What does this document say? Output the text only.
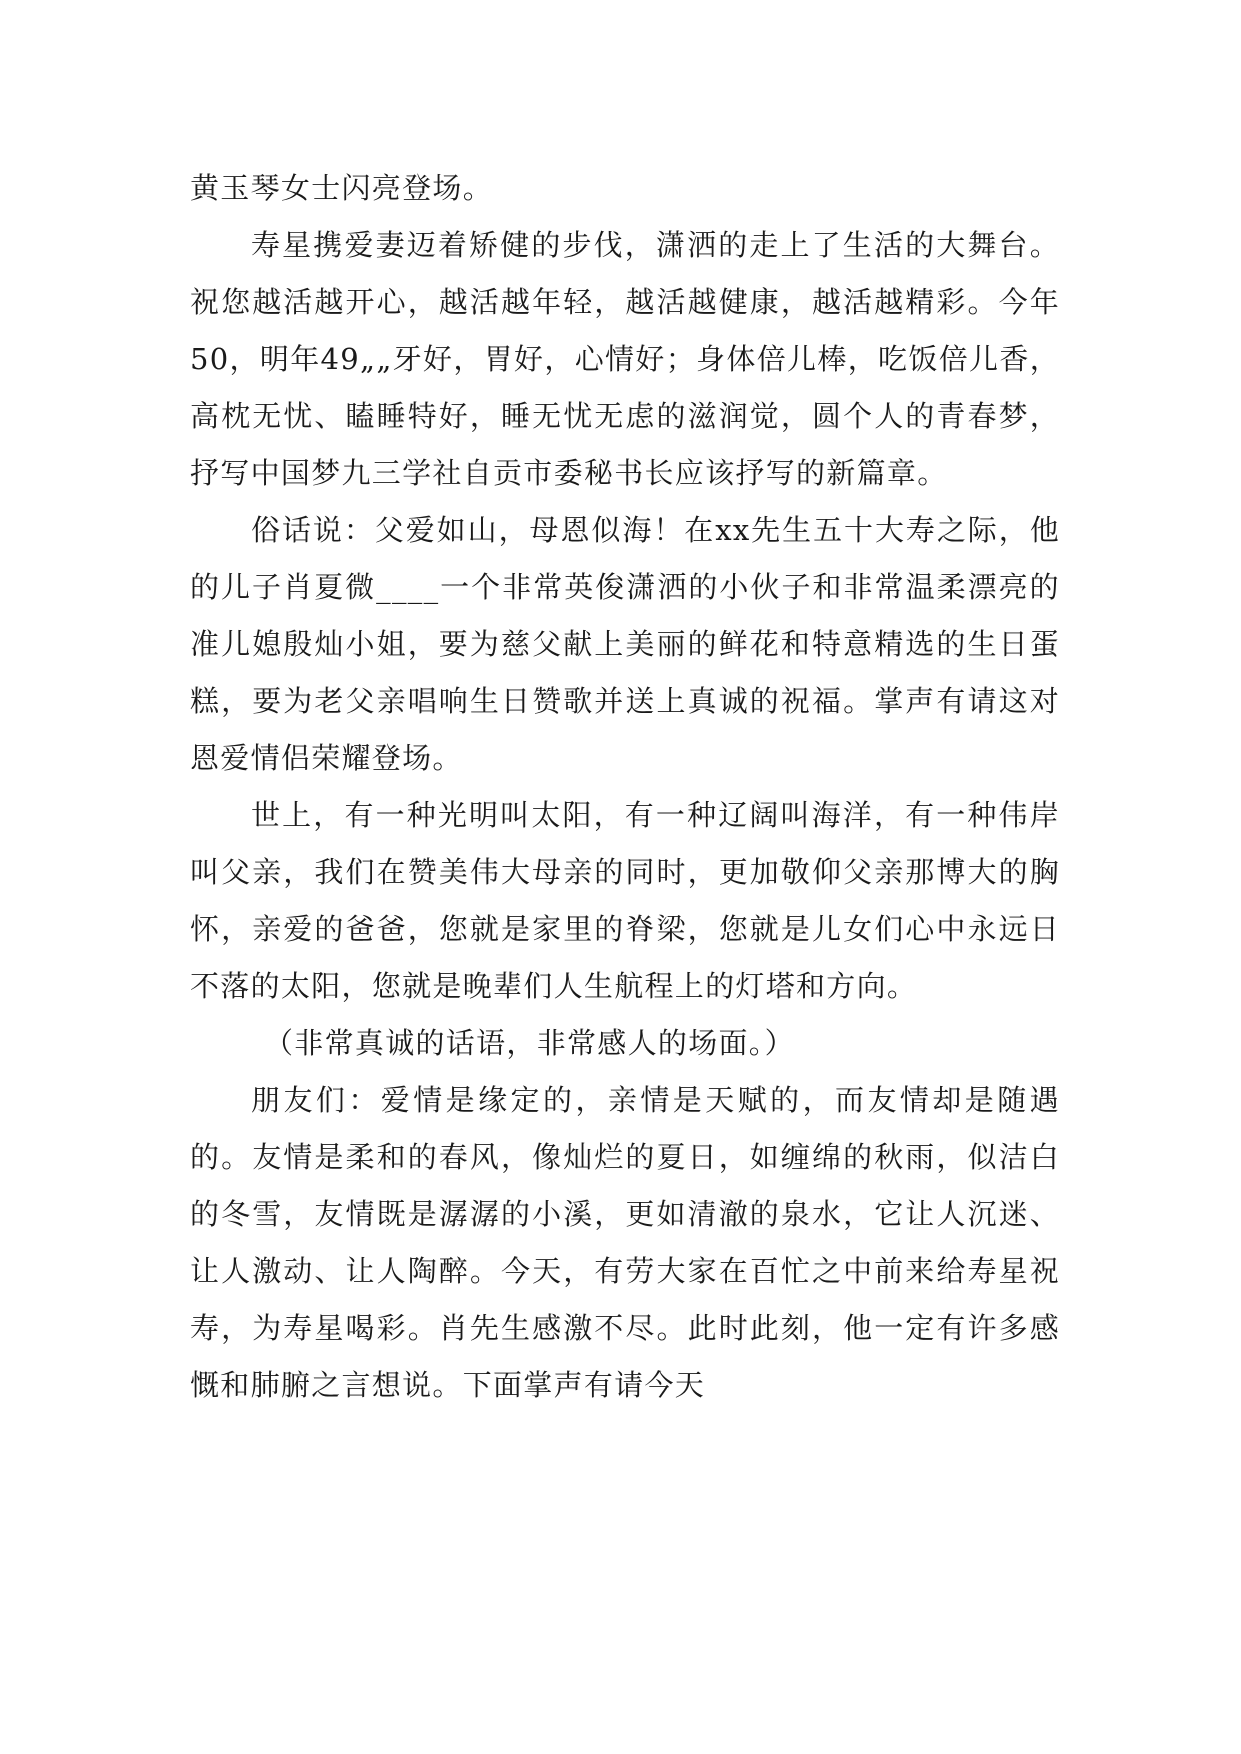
黄玉琴女士闪亮登场。

寿星携爱妻迈着矫健的步伐，潇洒的走上了生活的大舞台。祝您越活越开心，越活越年轻，越活越健康，越活越精彩。今年50，明年49„„牙好，胃好，心情好；身体倍儿棒，吃饭倍儿香，高枕无忧、瞌睡特好，睡无忧无虑的滋润觉，圆个人的青春梦，抒写中国梦九三学社自贡市委秘书长应该抒写的新篇章。

俗话说：父爱如山，母恩似海！在xx先生五十大寿之际，他的儿子肖夏微____一个非常英俊潇洒的小伙子和非常温柔漂亮的准儿媳殷灿小姐，要为慈父献上美丽的鲜花和特意精选的生日蛋糕，要为老父亲唱响生日赞歌并送上真诚的祝福。掌声有请这对恩爱情侣荣耀登场。

世上，有一种光明叫太阳，有一种辽阔叫海洋，有一种伟岸叫父亲，我们在赞美伟大母亲的同时，更加敬仰父亲那博大的胸怀，亲爱的爸爸，您就是家里的脊梁，您就是儿女们心中永远日不落的太阳，您就是晚辈们人生航程上的灯塔和方向。

（非常真诚的话语，非常感人的场面。）

朋友们：爱情是缘定的，亲情是天赋的，而友情却是随遇的。友情是柔和的春风，像灿烂的夏日，如缠绵的秋雨，似洁白的冬雪，友情既是潺潺的小溪，更如清澈的泉水，它让人沉迷、让人激动、让人陶醉。今天，有劳大家在百忙之中前来给寿星祝寿，为寿星喝彩。肖先生感激不尽。此时此刻，他一定有许多感慨和肺腑之言想说。下面掌声有请今天
